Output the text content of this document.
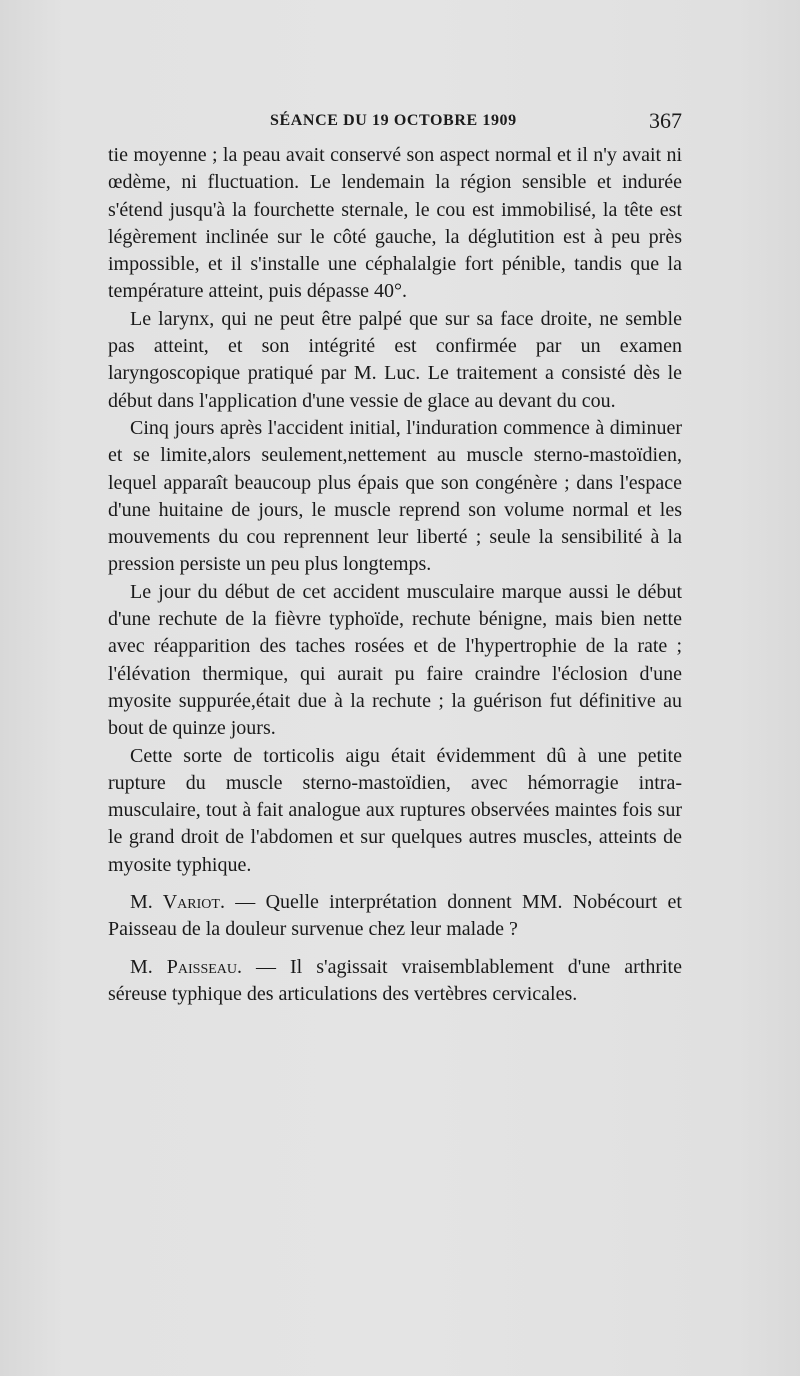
SÉANCE DU 19 OCTOBRE 1909	367

tie moyenne ; la peau avait conservé son aspect normal et il n'y avait ni œdème, ni fluctuation. Le lendemain la région sensible et indurée s'étend jusqu'à la fourchette sternale, le cou est immobilisé, la tête est légèrement inclinée sur le côté gauche, la déglutition est à peu près impossible, et il s'installe une céphalalgie fort pénible, tandis que la température atteint, puis dépasse 40°.

Le larynx, qui ne peut être palpé que sur sa face droite, ne semble pas atteint, et son intégrité est confirmée par un examen laryngoscopique pratiqué par M. Luc. Le traitement a consisté dès le début dans l'application d'une vessie de glace au devant du cou.

Cinq jours après l'accident initial, l'induration commence à diminuer et se limite,alors seulement,nettement au muscle sterno-mastoïdien, lequel apparaît beaucoup plus épais que son congénère ; dans l'espace d'une huitaine de jours, le muscle reprend son volume normal et les mouvements du cou reprennent leur liberté ; seule la sensibilité à la pression persiste un peu plus longtemps.

Le jour du début de cet accident musculaire marque aussi le début d'une rechute de la fièvre typhoïde, rechute bénigne, mais bien nette avec réapparition des taches rosées et de l'hypertrophie de la rate ; l'élévation thermique, qui aurait pu faire craindre l'éclosion d'une myosite suppurée,était due à la rechute ; la guérison fut définitive au bout de quinze jours.

Cette sorte de torticolis aigu était évidemment dû à une petite rupture du muscle sterno-mastoïdien, avec hémorragie intra-musculaire, tout à fait analogue aux ruptures observées maintes fois sur le grand droit de l'abdomen et sur quelques autres muscles, atteints de myosite typhique.

M. Variot. — Quelle interprétation donnent MM. Nobécourt et Paisseau de la douleur survenue chez leur malade ?

M. Paisseau. — Il s'agissait vraisemblablement d'une arthrite séreuse typhique des articulations des vertèbres cervicales.
